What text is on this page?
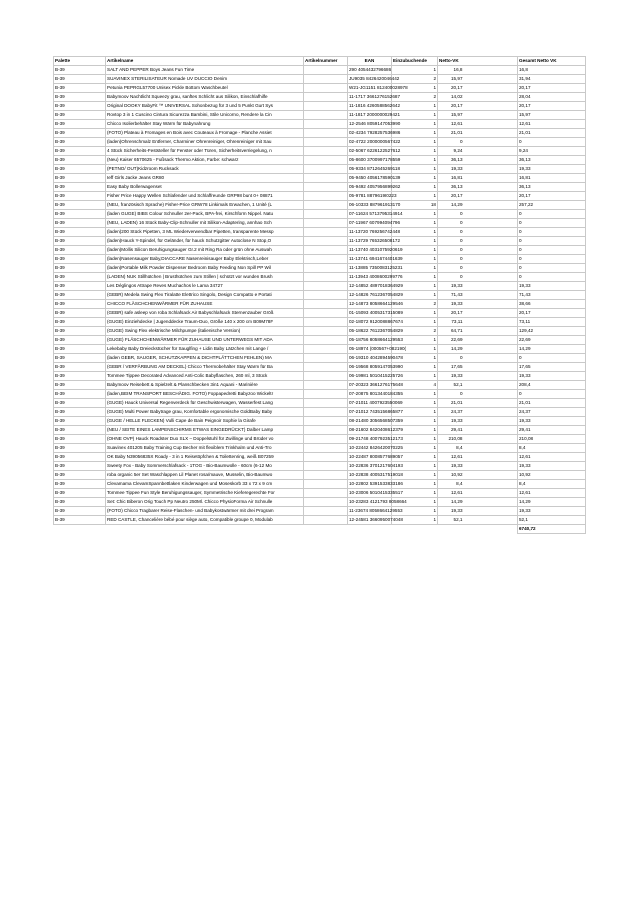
Palette	Artikelname	Artikelnummer	EAN	Einzubuchende	Netto-VK		Gesamt Netto VK
B-39	SALT AND PEPPER Boys Jeans Fun Time		290 4054432796686	1	16,8		16,8
B-39	SUAVINEX STERILISATEUR Nomade UV DUCCIO Denim		JU9035 8426420046442	2	15,97		31,94
B-39	Petunia PEPRGL57700 Unisex Pickle Bottom Waschbeutel		W21-JG1151 812400028978	1	20,17		20,17
B-39	Babymoov Nachtlicht Squeezy grau, sanftes Schlicht aus Silikon, Einschlafhilfe		11-1717 3661276152687	2	14,02		28,04
B-39	Original DOOKY BabyFit ™ UNIVERSAL Sohonbezug für 3 und 5 Punkt Gurt Sys		11-1816 4260588562642	1	20,17		20,17
B-39	Rovtop 3 in 1 Cuscino Cintura Sicurezza Bambini, Stile Unicorno, Rendere la Cin		11-1817 2000000029421	1	15,97		15,97
B-39	Chicco Isolierbehälter Stay Wärm für Babynahrung		12-2546 8059147053990	1	12,61		12,61
B-39	(FOTO) Plateau à Fromages en Bois avec Couteaux à Fromage - Planche Assiet		02-4234 7928257536986	1	21,01		21,01
B-39	(laden)Ohrenschmalz Entferner, Charminer Ohrenreiniger, Ohrenreiniger mit Sau		02-4722 2000000567422	1	0		0
B-39	4 Stück Sicherheits-Feststeller für Fenster oder Türen, Sicherheitsverriegelung, n		02-5067 6226122527612	1	9,24		9,24
B-39	(Neu) Kaiser 6570625 - Fußsack Thermo Aktion, Farbe: schwarz		05-8600 3700997178559	1	36,13		36,13
B-39	(PETNO/ OUT)Kidzroom Rucksack		05-9334 8712645269118	1	19,33		19,33
B-39	Ieff Girls Jacke Jeans GR80		05-9450 4056178590139	1	16,81		16,81
B-39	Easy Baby Bollerwagenset		05-9492 4057956899262	1	36,13		36,13
B-39	Fisher Price Happy Wellen Schlafender und Schlaffreunde GRP98 bunt 0+ 08871		05-9781 8879619I0223	1	20,17		20,17
B-39	(NEU, französisch Sprache) Fisher-Price GRW78 Linkimals Erwachen, 1 Unité (L		06-10333 887961913170	18	14,29		257,22
B-39	(laden GUGE) BIBS Colour Schnuller 2er-Pack, BPA-frei, Kirschform Nippel. Natu		07-11624 5713795314914	1	0		0
B-39	(NEU, LADEN) 16 Stück Baby-Clip-Schnuller mit Silikon-Adaptering, annhao Sch		07-11967 607994094796	1	0		0
B-39	(laden)200 Stück Pipetten, 3 ML Wiederverwendbar Pipetten, transparente Messp		11-13720 769256742448	1	0		0
B-39	(laden)Hauck Y-Spindel, für Geländer, für hauck Schutzgitter Autoclose N Stop,O		11-13729 765326508172	1	0		0
B-39	(laden)Mollis Silicon Beruhigungsauger Gr.2 mit Ring Ra oder grün ohne Auswah		11-13740 4031075920619	1	0		0
B-39	(laden)Nasensauger Baby,DIACCARE Nasenreinisauger Baby Elektrisch,Leber		11-13741 6941674401639	1	0		0
B-39	(laden)Portable Milk Powder Dispenser Bedroom Baby Feeding Non Spill PP Wil		11-13885 7350083125231	1	0		0
B-39	(LADEN) NUK Stillhütchen | Brusthütchen zum Stillen | schützt vor wunden Brush		11-13943 4008600299776	1	0		0
B-39	Les Déglingos Attrape Reves Muchachos le Lama 34727		12-14852 4897018364929	1	19,33		19,33
B-39	(GEBR) Medela Swing Flex Tiralatte Elettrico Singolo, Design Compatto e Portati		12-14826 7612367054829	1	71,43		71,43
B-39	CHICCO FLÄSCHCHENWÄRMER FÜR ZUHAUSE		12-14873 8058664129546	2	19,33		38,66
B-39	(GEBR) safe asleep von roba Schlafsack Air Babyschlafsack Sternenzauber Größ		01-15093 4005317315089	1	20,17		20,17
B-39	(GUGE) Einziehdecke | Jugenddecke Traum-Duo, Größe 140 x 200 cm B09M78F		02-18072 9120088867674	1	73,11		73,11
B-39	(GUGE) Swing Flex elektrische Milchpumpe (italienische Version)		05-18622 7612367054829	2	64,71		129,42
B-39	(GUGE) FLÄSCHCHENWÄRMER FÜR ZUHAUSE UND UNTERWEGS MIT ADA		05-18756 8058664129553	1	22,69		22,69
B-39	Lekebaby Baby Dreieckstücher für Sauglfing + Lidin Baby Lätzchen mit Lange /		05-18974 (000567+082190(	1	14,29		14,29
B-39	(laden GEBR, SAUGER, SCHUTZKAPPEN & DICHTPLÄTTCHEN FEHLEN) MA		06-19310 4042894590478	1	0		0
B-39	(GEBR / VERFÄRBUNG AM DECKEL) Chicco Thermobehälter Stay Warm für Ba		06-19568 8059147053990	1	17,65		17,65
B-39	Tommee Tippee Decorated Advanced Anti-Colic Babyflaschen, 260 ml, 3 Stück		06-19981 5010415225726	1	19,33		19,33
B-39	Babymoov Reisebett & Spielzelt & Planschbecken 3in1 Aquani - Marinière		07-20323 3661276175648	4	52,1		208,4
B-39	(laden,BEIM TRANSPORT BESCHÄDIG. FOTO) Foppapedretti Babyzoo Wickeltr		07-20875 8013440184355	1	0		0
B-39	(GUGE) Hauck Universal Regenverdeck für Geschwisterwagen, Wasserfest Lang		07-21011 4007923550069	1	21,01		21,01
B-39	(GUGE) Multi Power Babytrage grau, Komfortable ergonomische GoldBaby Baby		07-21012 7435156865877	1	24,37		24,37
B-39	(GUGE / HELLE FLECKEN) Vulli Cape de Bain Peignoir Sophie la Girafe		08-21480 3056568507359	1	19,33		19,33
B-39	(NEU / SEITE EINES LAMPENSCHIRMS ETWAS EINGEDRÜCKT) Dalber Lamp		08-21602 8420408612379	1	29,41		29,41
B-39	(OHNE OVP) Hauck Roadster Duo SLX – Doppelstuhl für Zwillinge und Brüder vo		09-21748 4007923512173	1	210,08		210,08
B-39	Suavinex 401205 Baby Training Cup Becher mit flexiblem Trinkhalm und Anti-Tro		10-22442 8426420070225	1	8,4		8,4
B-39	OK Baby N39056835X Roady - 3 in 1 Reisetöpfchen & Toilettenring, weiß B07259		10-22487 8008577689057	1	12,61		12,61
B-39	Sweety Fox - Baby Sommerschlafsack - 1TOG - Bio-Baumwolle - 60cm (6-12 Mo		10-22836 3701217604193	1	19,33		19,33
B-39	roba organic 5er Set Waschlappen Lil Planet rosa/mauve, Musselin, Bio-Baumwo		10-22838 4005317519018	1	10,92		10,92
B-39	Clevamama ClevamSpannbettlaken Kinderwagen und Moseskorb 33 x 72 x 9 cm		10-22802 5391533833186	1	8,4		8,4
B-39	Tommee Tippee Fun Style Beruhigungssauger, Symmetrische Kieferegerechte For		10-23006 5010415335517	1	12,61		12,61
B-39	Set: Chic Biberon Orig Touch Pp Neutro 250Ml. Chicco PhysioForma Air Schnulle		10-23283 4121793 8058664	1	14,29		14,29
B-39	(FOTO) Chicco Tragbarer Reise-Flaschen- und Babykostwärmer mit drei Program		11-23674 8058664129553	1	19,33		19,33
B-39	RED CASTLE, Chancelière bébé pour siège auto, Compatible groupe 0, Modulab		12-24581 3660950074048	1	52,1		52,1
							6740,72
